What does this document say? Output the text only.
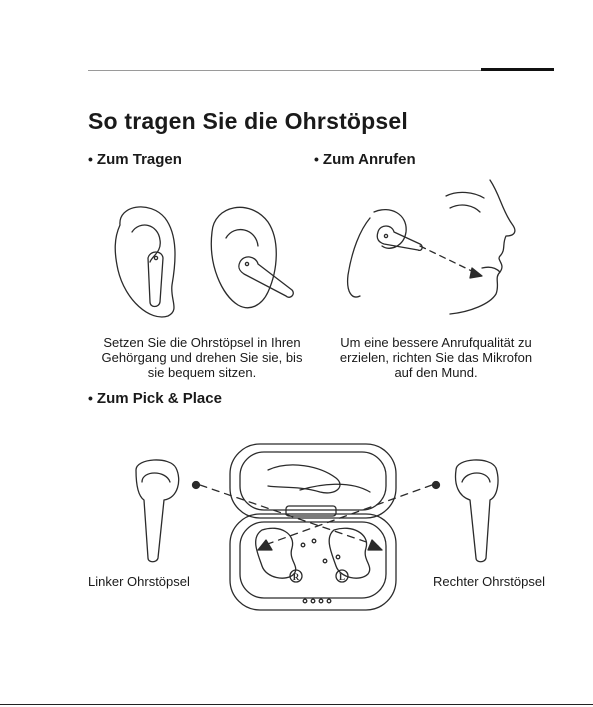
So tragen Sie die Ohrstöpsel
• Zum Tragen	• Zum Anrufen
• Zum Pick & Place
Setzen Sie die Ohrstöpsel in Ihren
Gehörgang und drehen Sie sie, bis
sie bequem sitzen.
Um eine bessere Anrufqualität zu
erzielen, richten Sie das Mikrofon
auf den Mund.
R	L
Linker Ohrstöpsel	Rechter Ohrstöpsel
